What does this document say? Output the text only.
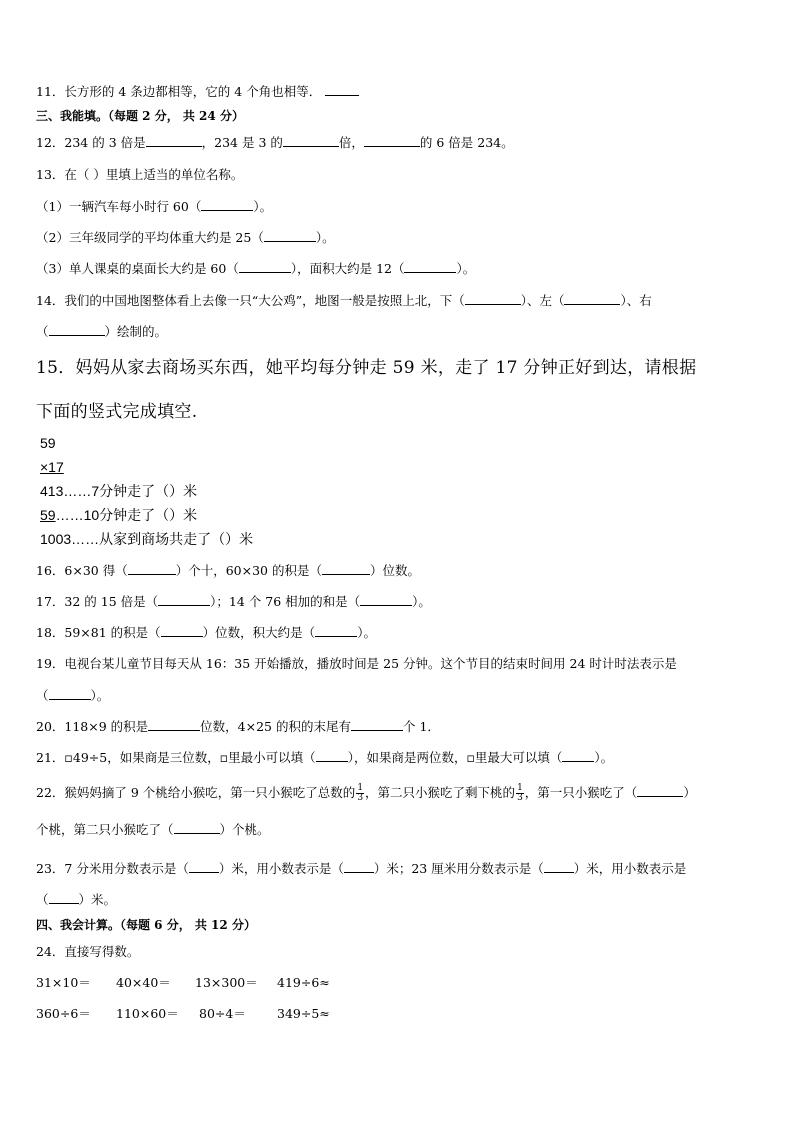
11．长方形的 4 条边都相等，它的 4 个角也相等．
三、我能填。（每题 2 分， 共 24 分）
12．234 的 3 倍是	，234 是 3 的	倍，	的 6 倍是 234。
13．在（ ）里填上适当的单位名称。
（1）一辆汽车每小时行 60（	）。
（2）三年级同学的平均体重大约是 25（	）。
（3）单人课桌的桌面长大约是 60（	），面积大约是 12（	）。
14．我们的中国地图整体看上去像一只“大公鸡”，地图一般是按照上北，下（	）、左（	）、右
（	）绘制的。
15．妈妈从家去商场买东西，她平均每分钟走 59 米，走了 17 分钟正好到达，请根据
下面的竖式完成填空.
59
×17
413……7分钟走了（）米
59……10分钟走了（）米
1003……从家到商场共走了（）米
16．6×30 得（	）个十，60×30 的积是（	）位数。
17．32 的 15 倍是（	）；14 个 76 相加的和是（	）。
18．59×81 的积是（	）位数，积大约是（	）。
19．电视台某儿童节目每天从 16：35 开始播放，播放时间是 25 分钟。这个节目的结束时间用 24 时计时法表示是
（	）。
20．118×9 的积是	位数，4×25 的积的末尾有	个 1．
21．▫49÷5，如果商是三位数，▫里最小可以填（	），如果商是两位数，▫里最大可以填（	）。
22．猴妈妈摘了 9 个桃给小猴吃，第一只小猴吃了总数的 $\frac{1}{3}$ ，第二只小猴吃了剩下桃的 $\frac{1}{3}$ ，第一只小猴吃了（	）
个桃，第二只小猴吃了（	）个桃。
23．7 分米用分数表示是（ ）米，用小数表示是（ ）米；23 厘米用分数表示是（ ）米，用小数表示是
（ ）米。
四、我会计算。（每题 6 分， 共 12 分）
24．直接写得数。
31×10＝ 40×40＝ 13×300＝ 419÷6≈
360÷6＝ 110×60＝ 80÷4＝ 349÷5≈
